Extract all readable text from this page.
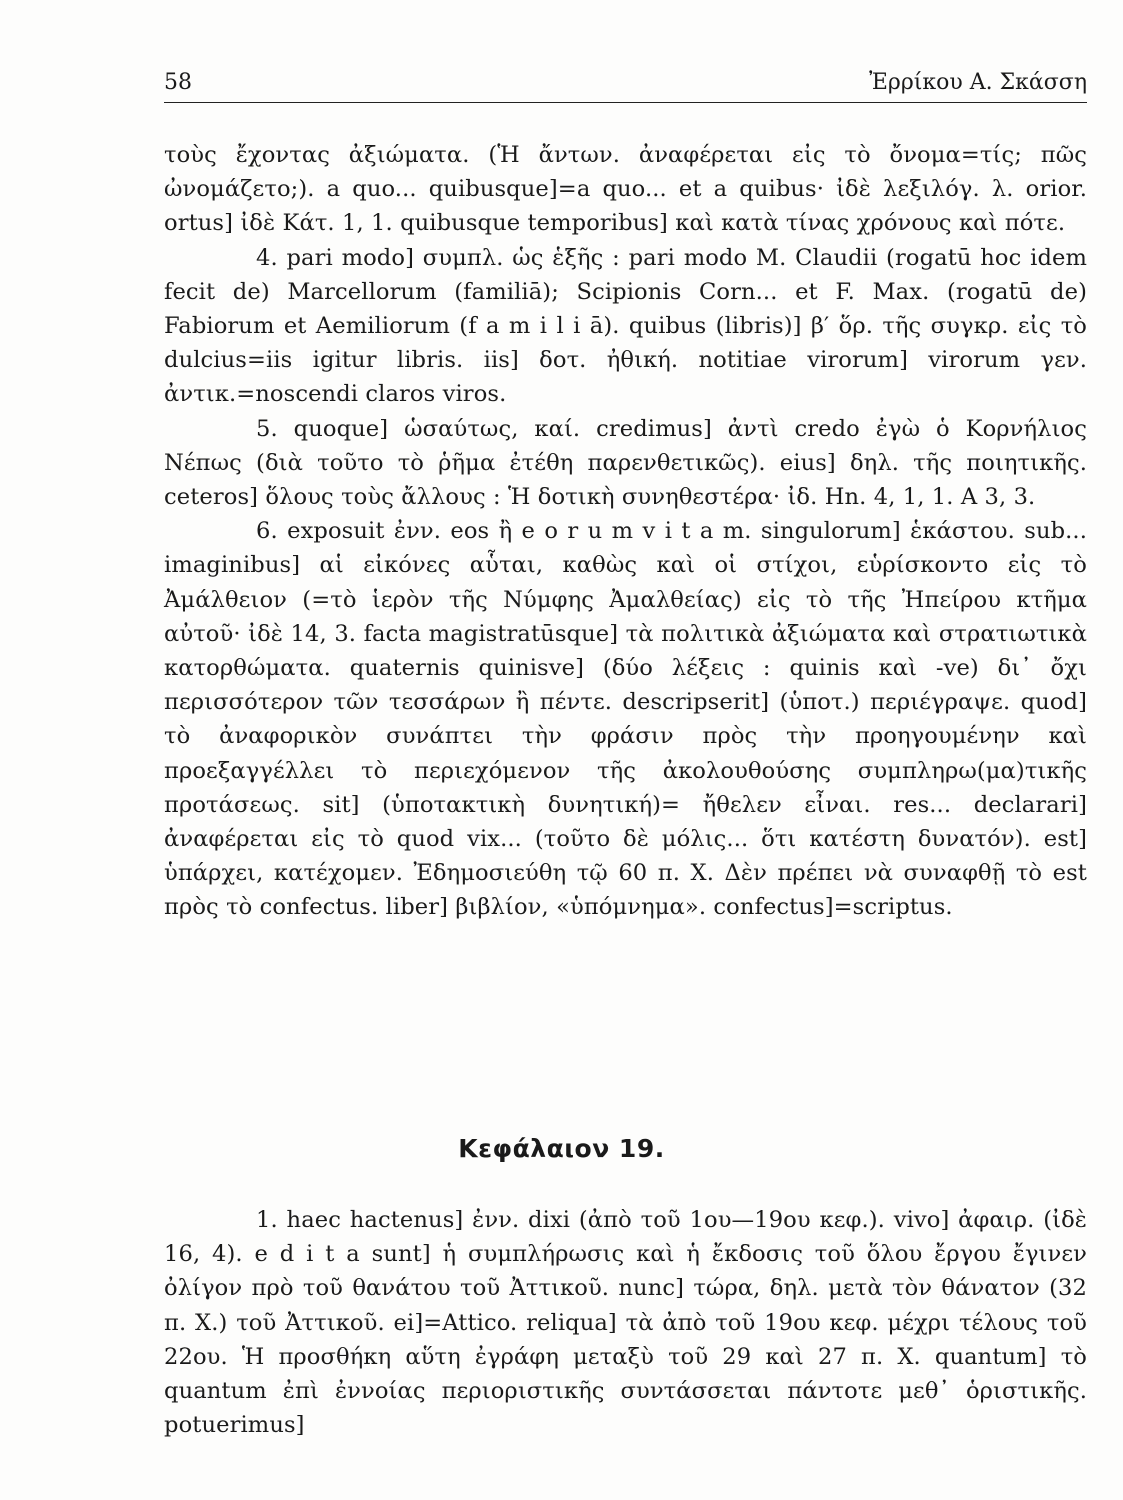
58	Ἐρρίκου Α. Σκάσση

τοὺς ἔχοντας ἀξιώματα. (Ἡ ἄντων. ἀναφέρεται εἰς τὸ ὄνομα=τίς; πῶς ὠνομάζετο;). a quo... quibusque]=a quo... et a quibus· ἰδὲ λεξιλόγ. λ. orior. ortus] ἰδὲ Κάτ. 1, 1. quibusque temporibus] καὶ κατὰ τίνας χρόνους καὶ πότε.

4. pari modo] συμπλ. ὡς ἑξῆς : pari modo M. Claudii (rogatū hoc idem fecit de) Marcellorum (familiā); Scipionis Corn... et F. Max. (rogatū de) Fabiorum et Aemiliorum (f a m i l i ā). quibus (libris)] β′ ὅρ. τῆς συγκρ. εἰς τὸ dulcius=iis igitur libris. iis] δοτ. ἠθική. notitiae virorum] virorum γεν. ἀντικ.=noscendi claros viros.

5. quoque] ὡσαύτως, καί. credimus] ἀντὶ credo ἐγὼ ὁ Κορνήλιος Νέπως (διὰ τοῦτο τὸ ῥῆμα ἐτέθη παρενθετικῶς). eius] δηλ. τῆς ποιητικῆς. ceteros] ὅλους τοὺς ἄλλους : Ἡ δοτικὴ συνηθεστέρα· ἰδ. Hn. 4, 1, 1. A 3, 3.

6. exposuit ἐνν. eos ἢ e o r u m v i t a m. singulorum] ἑκάστου. sub... imaginibus] αἱ εἰκόνες αὗται, καθὼς καὶ οἱ στίχοι, εὑρίσκοντο εἰς τὸ Ἀμάλθειον (=τὸ ἱερὸν τῆς Νύμφης Ἀμαλθείας) εἰς τὸ τῆς Ἠπείρου κτῆμα αὐτοῦ· ἰδὲ 14, 3. facta magistratūsque] τὰ πολιτικὰ ἀξιώματα καὶ στρατιωτικὰ κατορθώματα. quaternis quinisve] (δύο λέξεις : quinis καὶ -ve) δι᾽ ὄχι περισσότερον τῶν τεσσάρων ἢ πέντε. descripserit] (ὑποτ.) περιέγραψε. quod] τὸ ἀναφορικὸν συνάπτει τὴν φράσιν πρὸς τὴν προηγουμένην καὶ προεξαγγέλλει τὸ περιεχόμενον τῆς ἀκολουθούσης συμπληρω(μα)τικῆς προτάσεως. sit] (ὑποτακτικὴ δυνητική)= ἤθελεν εἶναι. res... declarari] ἀναφέρεται εἰς τὸ quod vix... (τοῦτο δὲ μόλις... ὅτι κατέστη δυνατόν). est] ὑπάρχει, κατέχομεν. Ἐδημοσιεύθη τῷ 60 π. Χ. Δὲν πρέπει νὰ συναφθῇ τὸ est πρὸς τὸ confectus. liber] βιβλίον, «ὑπόμνημα». confectus]=scriptus.

Κεφάλαιον 19.

1. haec hactenus] ἐνν. dixi (ἀπὸ τοῦ 1ου—19ου κεφ.). vivo] ἀφαιρ. (ἰδὲ 16, 4). e d i t a sunt] ἡ συμπλήρωσις καὶ ἡ ἔκδοσις τοῦ ὅλου ἔργου ἔγινεν ὀλίγον πρὸ τοῦ θανάτου τοῦ Ἀττικοῦ. nunc] τώρα, δηλ. μετὰ τὸν θάνατον (32 π. Χ.) τοῦ Ἀττικοῦ. ei]=Attico. reliqua] τὰ ἀπὸ τοῦ 19ου κεφ. μέχρι τέλους τοῦ 22ου. Ἡ προσθήκη αὕτη ἐγράφη μεταξὺ τοῦ 29 καὶ 27 π. Χ. quantum] τὸ quantum ἐπὶ ἐννοίας περιοριστικῆς συντάσσεται πάντοτε μεθ᾽ ὁριστικῆς. potuerimus]
